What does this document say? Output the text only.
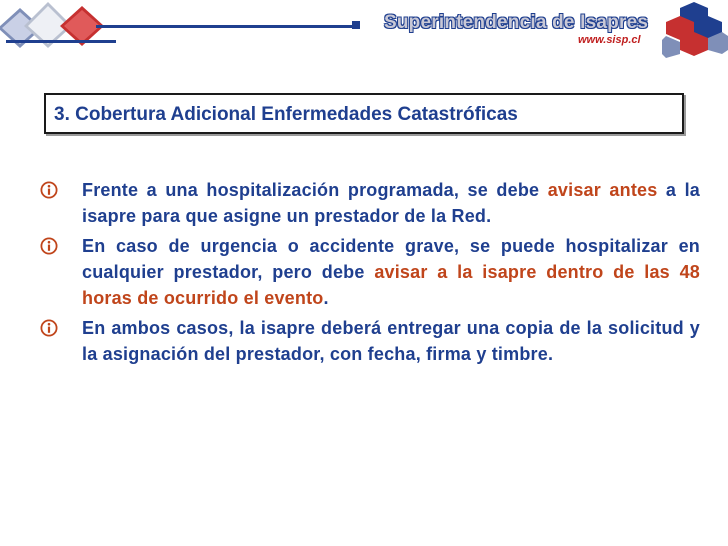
Superintendencia de Isapres
www.sisp.cl
3. Cobertura Adicional Enfermedades Catastróficas
Frente a una hospitalización programada, se debe avisar antes a la isapre para que asigne un prestador de la Red.
En caso de urgencia o accidente grave, se puede hospitalizar en cualquier prestador, pero debe avisar a la isapre dentro de las 48 horas de ocurrido el evento.
En ambos casos, la isapre deberá entregar una copia de la solicitud y la asignación del prestador, con fecha, firma y timbre.
